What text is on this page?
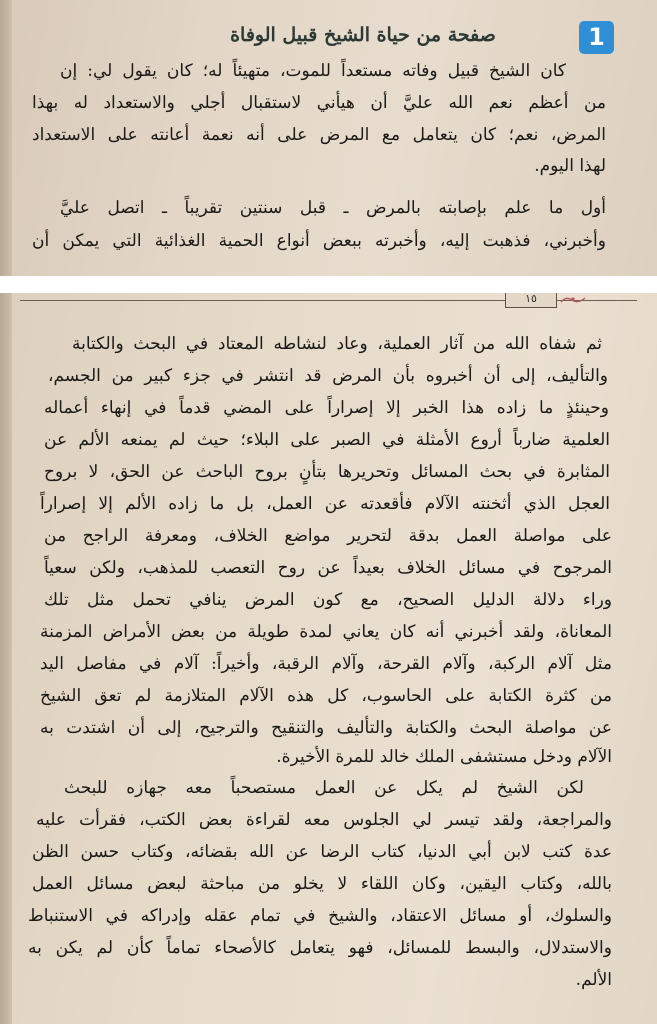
1
صفحة من حياة الشيخ قبيل الوفاة
كان الشيخ قبيل وفاته مستعداً للموت، متهيئاً له؛ كان يقول لي: إن
من أعظم نعم الله عليَّ أن هيأني لاستقبال أجلي والاستعداد له بهذا
المرض، نعم؛ كان يتعامل مع المرض على أنه نعمة أعانته على الاستعداد
لهذا اليوم.
أول ما علم بإصابته بالمرض ـ قبل سنتين تقريباً ـ اتصل عليَّ
وأخبرني، فذهبت إليه، وأخبرته ببعض أنواع الحمية الغذائية التي يمكن أن
١٥
ثم شفاه الله من آثار العملية، وعاد لنشاطه المعتاد في البحث والكتابة
والتأليف، إلى أن أخبروه بأن المرض قد انتشر في جزء كبير من الجسم،
وحينئذٍ ما زاده هذا الخبر إلا إصراراً على المضي قدماً في إنهاء أعماله
العلمية ضارباً أروع الأمثلة في الصبر على البلاء؛ حيث لم يمنعه الألم عن
المثابرة في بحث المسائل وتحريرها بتأنٍ بروح الباحث عن الحق، لا بروح
العجل الذي أثخنته الآلام فأقعدته عن العمل، بل ما زاده الألم إلا إصراراً
على مواصلة العمل بدقة لتحرير مواضع الخلاف، ومعرفة الراجح من
المرجوح في مسائل الخلاف بعيداً عن روح التعصب للمذهب، ولكن سعياً
وراء دلالة الدليل الصحيح، مع كون المرض ينافي تحمل مثل تلك
المعاناة، ولقد أخبرني أنه كان يعاني لمدة طويلة من بعض الأمراض المزمنة
مثل آلام الركبة، وآلام القرحة، وآلام الرقبة، وأخيراً: آلام في مفاصل اليد
من كثرة الكتابة على الحاسوب، كل هذه الآلام المتلازمة لم تعق الشيخ
عن مواصلة البحث والكتابة والتأليف والتنقيح والترجيح، إلى أن اشتدت به
الآلام ودخل مستشفى الملك خالد للمرة الأخيرة.
لكن الشيخ لم يكل عن العمل مستصحباً معه جهازه للبحث
والمراجعة، ولقد تيسر لي الجلوس معه لقراءة بعض الكتب، فقرأت عليه
عدة كتب لابن أبي الدنيا، كتاب الرضا عن الله بقضائه، وكتاب حسن الظن
بالله، وكتاب اليقين، وكان اللقاء لا يخلو من مباحثة لبعض مسائل العمل
والسلوك، أو مسائل الاعتقاد، والشيخ في تمام عقله وإدراكه في الاستنباط
والاستدلال، والبسط للمسائل، فهو يتعامل كالأصحاء تماماً كأن لم يكن به
الألم.
